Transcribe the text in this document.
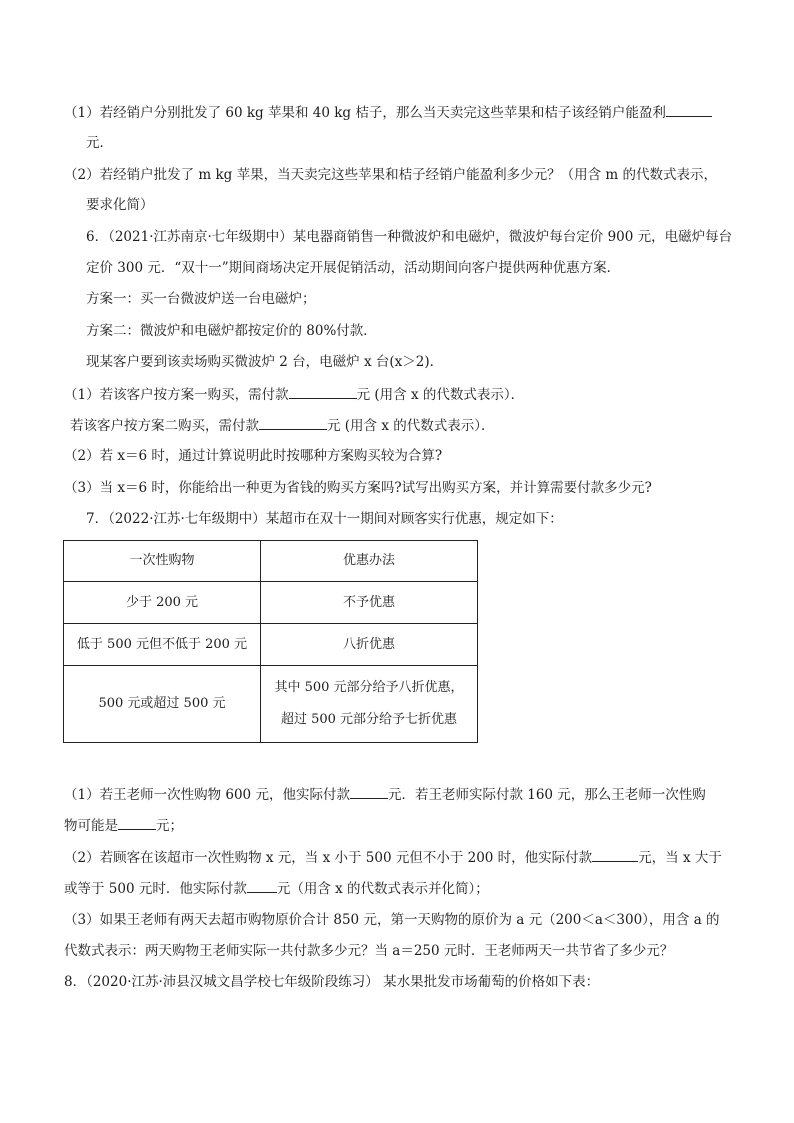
（1）若经销户分别批发了 60 kg 苹果和 40 kg 桔子，那么当天卖完这些苹果和桔子该经销户能盈利
元．
（2）若经销户批发了 m kg 苹果，当天卖完这些苹果和桔子经销户能盈利多少元？（用含 m 的代数式表示，
要求化简）
6．（2021·江苏南京·七年级期中）某电器商销售一种微波炉和电磁炉，微波炉每台定价 900 元，电磁炉每台
定价 300 元．“双十一”期间商场决定开展促销活动，活动期间向客户提供两种优惠方案．
方案一：买一台微波炉送一台电磁炉；
方案二：微波炉和电磁炉都按定价的 80%付款．
现某客户要到该卖场购买微波炉 2 台，电磁炉 x 台(x＞2)．
（1）若该客户按方案一购买，需付款	元 (用含 x 的代数式表示）．
若该客户按方案二购买，需付款	元 (用含 x 的代数式表示）．
（2）若 x＝6 时，通过计算说明此时按哪种方案购买较为合算?
（3）当 x＝6 时，你能给出一种更为省钱的购买方案吗?试写出购买方案，并计算需要付款多少元?
7．（2022·江苏·七年级期中）某超市在双十一期间对顾客实行优惠，规定如下：
一次性购物	优惠办法
少于 200 元	不予优惠
低于 500 元但不低于 200 元	八折优惠
500 元或超过 500 元	其中 500 元部分给予八折优惠，
超过 500 元部分给予七折优惠
（1）若王老师一次性购物 600 元，他实际付款	元．若王老师实际付款 160 元，那么王老师一次性购
物可能是	元；
（2）若顾客在该超市一次性购物 x 元，当 x 小于 500 元但不小于 200 时，他实际付款	元，当 x 大于
或等于 500 元时．他实际付款 元（用含 x 的代数式表示并化简）；
（3）如果王老师有两天去超市购物原价合计 850 元，第一天购物的原价为 a 元（200＜a＜300），用含 a 的
代数式表示：两天购物王老师实际一共付款多少元？当 a＝250 元时．王老师两天一共节省了多少元？
8．（2020·江苏·沛县汉城文昌学校七年级阶段练习） 某水果批发市场葡萄的价格如下表：
